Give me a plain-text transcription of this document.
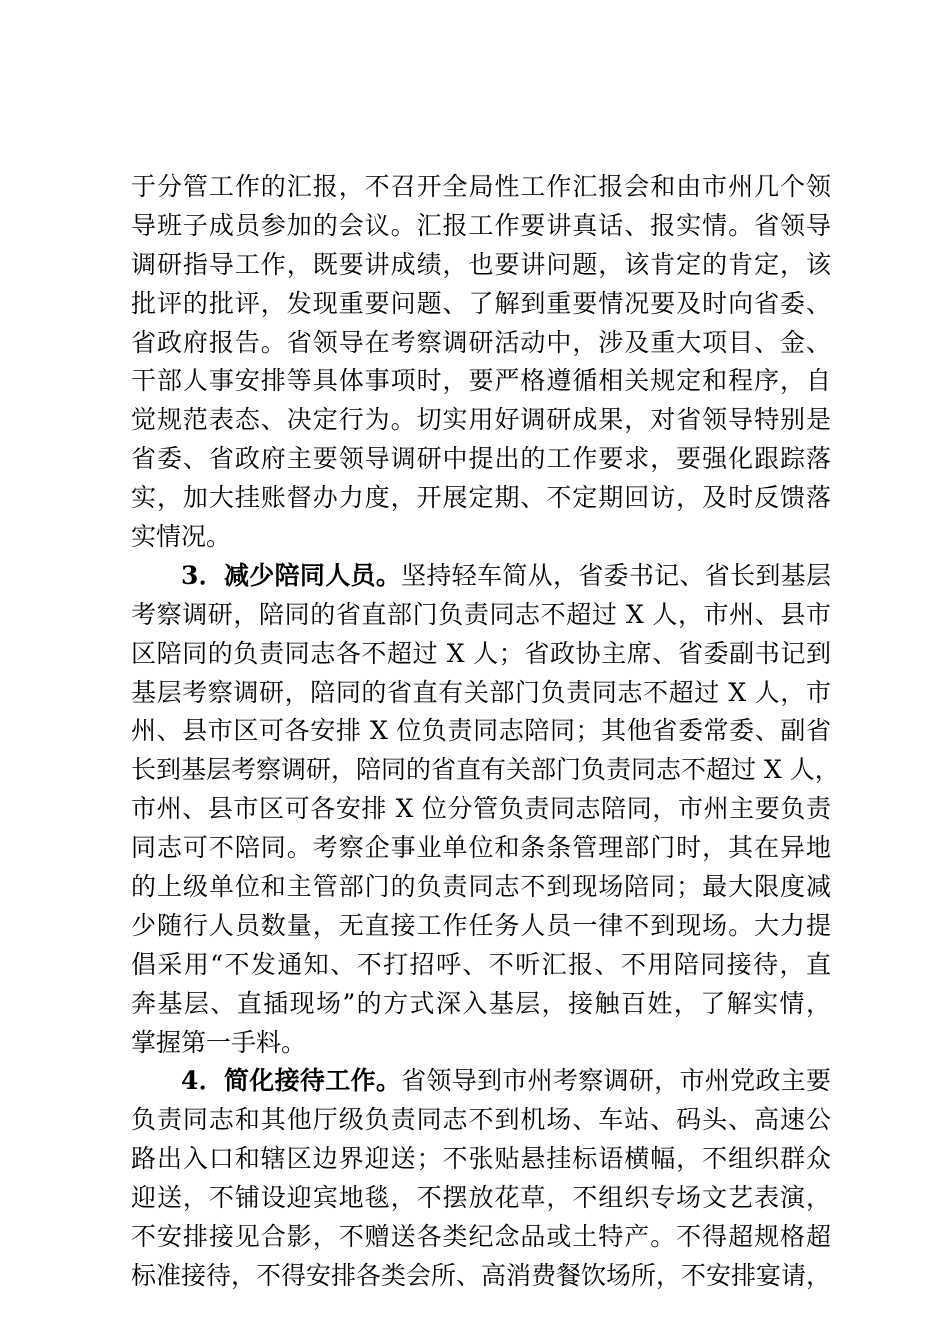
于分管工作的汇报，不召开全局性工作汇报会和由市州几个领
导班子成员参加的会议。汇报工作要讲真话、报实情。省领导
调研指导工作，既要讲成绩，也要讲问题，该肯定的肯定，该
批评的批评，发现重要问题、了解到重要情况要及时向省委、
省政府报告。省领导在考察调研活动中，涉及重大项目、金、
干部人事安排等具体事项时，要严格遵循相关规定和程序，自
觉规范表态、决定行为。切实用好调研成果，对省领导特别是
省委、省政府主要领导调研中提出的工作要求，要强化跟踪落
实，加大挂账督办力度，开展定期、不定期回访，及时反馈落
实情况。
3．减少陪同人员。坚持轻车简从，省委书记、省长到基层
考察调研，陪同的省直部门负责同志不超过 X 人，市州、县市
区陪同的负责同志各不超过 X 人；省政协主席、省委副书记到
基层考察调研，陪同的省直有关部门负责同志不超过 X 人，市
州、县市区可各安排 X 位负责同志陪同；其他省委常委、副省
长到基层考察调研，陪同的省直有关部门负责同志不超过 X 人，
市州、县市区可各安排 X 位分管负责同志陪同，市州主要负责
同志可不陪同。考察企事业单位和条条管理部门时，其在异地
的上级单位和主管部门的负责同志不到现场陪同；最大限度减
少随行人员数量，无直接工作任务人员一律不到现场。大力提
倡采用“不发通知、不打招呼、不听汇报、不用陪同接待，直
奔基层、直插现场”的方式深入基层，接触百姓，了解实情，
掌握第一手料。
4．简化接待工作。省领导到市州考察调研，市州党政主要
负责同志和其他厅级负责同志不到机场、车站、码头、高速公
路出入口和辖区边界迎送；不张贴悬挂标语横幅，不组织群众
迎送，不铺设迎宾地毯，不摆放花草，不组织专场文艺表演，
不安排接见合影，不赠送各类纪念品或土特产。不得超规格超
标准接待，不得安排各类会所、高消费餐饮场所，不安排宴请，
